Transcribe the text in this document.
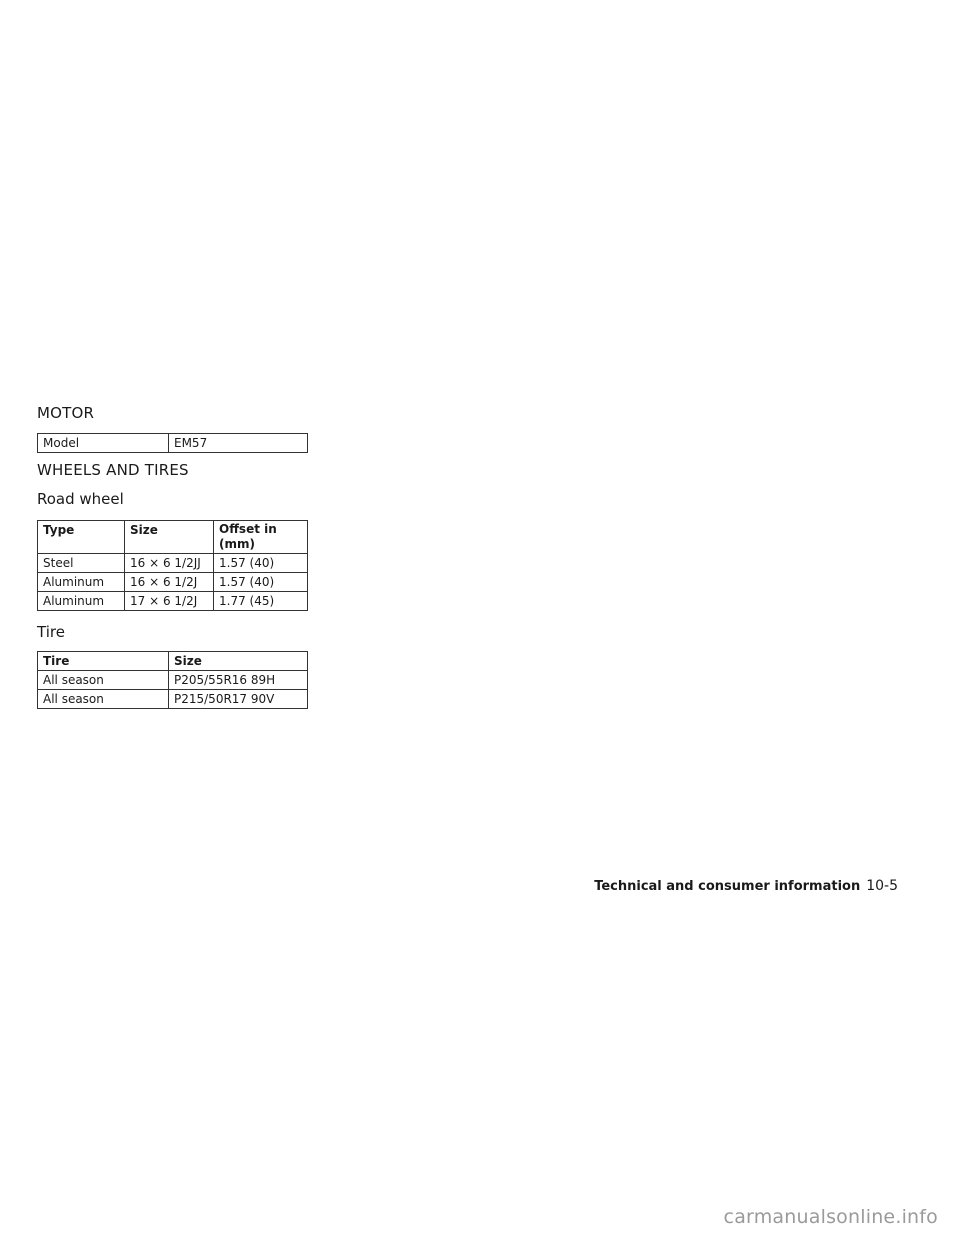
MOTOR
Model	EM57
WHEELS AND TIRES
Road wheel
Type	Size	Offset in (mm)
Steel	16 × 6 1/2JJ	1.57 (40)
Aluminum	16 × 6 1/2J	1.57 (40)
Aluminum	17 × 6 1/2J	1.77 (45)
Tire
Tire	Size
All season	P205/55R16 89H
All season	P215/50R17 90V
Technical and consumer information 10-5
carmanualsonline.info
